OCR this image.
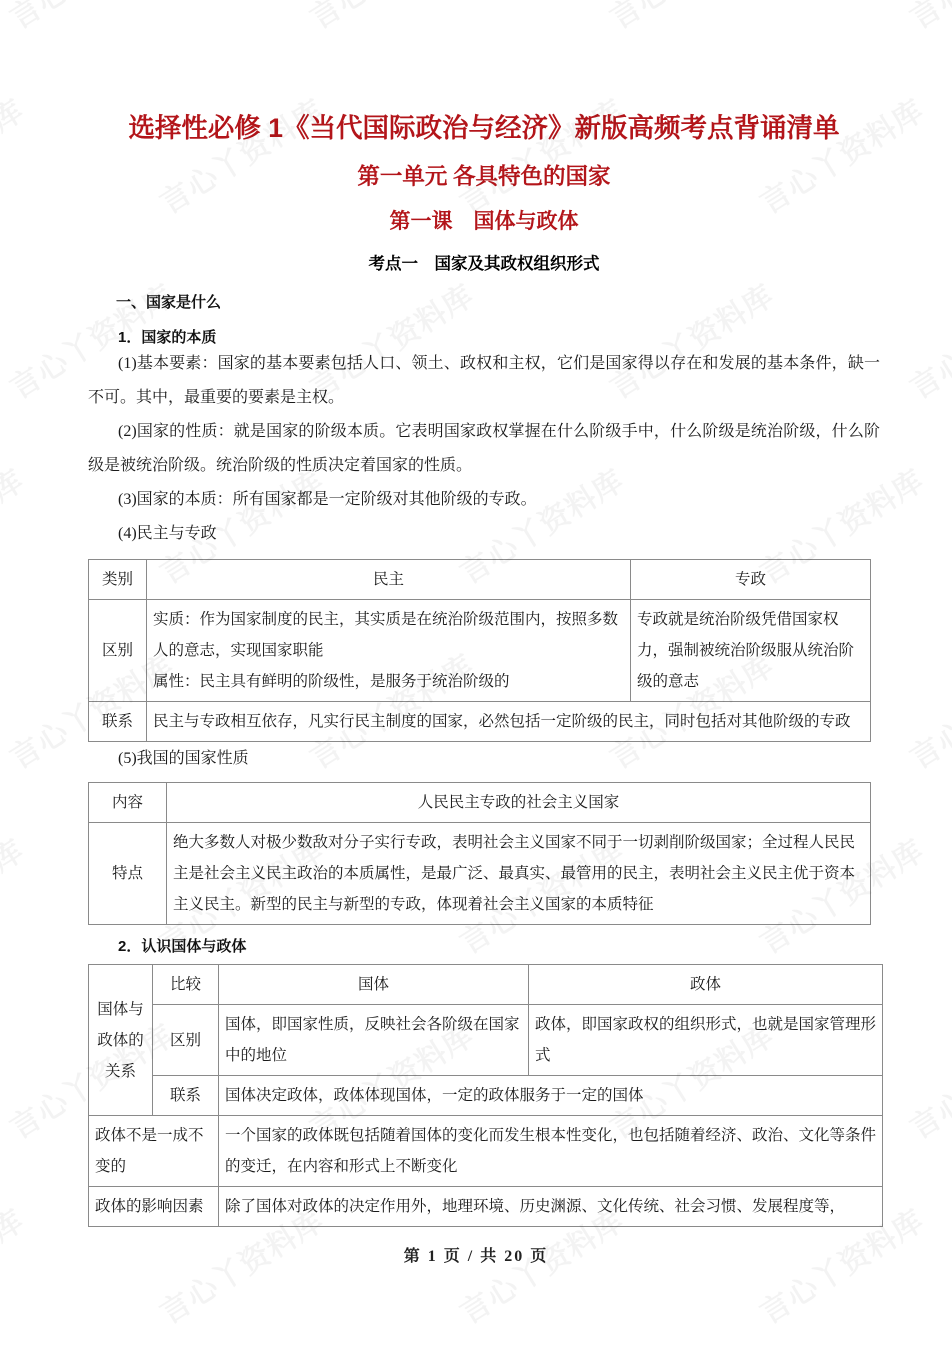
选择性必修 1《当代国际政治与经济》新版高频考点背诵清单
第一单元 各具特色的国家
第一课　国体与政体
考点一　国家及其政权组织形式
一、国家是什么
1．国家的本质

(1)基本要素：国家的基本要素包括人口、领土、政权和主权，它们是国家得以存在和发展的基本条件，缺一不可。其中，最重要的要素是主权。

(2)国家的性质：就是国家的阶级本质。它表明国家政权掌握在什么阶级手中，什么阶级是统治阶级，什么阶级是被统治阶级。统治阶级的性质决定着国家的性质。

(3)国家的本质：所有国家都是一定阶级对其他阶级的专政。

(4)民主与专政

类别	民主	专政
区别	实质：作为国家制度的民主，其实质是在统治阶级范围内，按照多数人的意志，实现国家职能
属性：民主具有鲜明的阶级性，是服务于统治阶级的	专政就是统治阶级凭借国家权力，强制被统治阶级服从统治阶级的意志
联系	民主与专政相互依存，凡实行民主制度的国家，必然包括一定阶级的民主，同时包括对其他阶级的专政	

(5)我国的国家性质

内容	人民民主专政的社会主义国家
特点	绝大多数人对极少数敌对分子实行专政，表明社会主义国家不同于一切剥削阶级国家；全过程人民民主是社会主义民主政治的本质属性，是最广泛、最真实、最管用的民主，表明社会主义民主优于资本主义民主。新型的民主与新型的专政，体现着社会主义国家的本质特征
2．认识国体与政体
国体与政体的关系	比较	国体	政体
	区别	国体，即国家性质，反映社会各阶级在国家中的地位	政体，即国家政权的组织形式，也就是国家管理形式
	联系	国体决定政体，政体体现国体，一定的政体服务于一定的国体	
政体不是一成不变的		一个国家的政体既包括随着国体的变化而发生根本性变化，也包括随着经济、政治、文化等条件的变迁，在内容和形式上不断变化	
政体的影响因素		除了国体对政体的决定作用外，地理环境、历史渊源、文化传统、社会习惯、发展程度等，	
第 1 页 / 共 20 页
